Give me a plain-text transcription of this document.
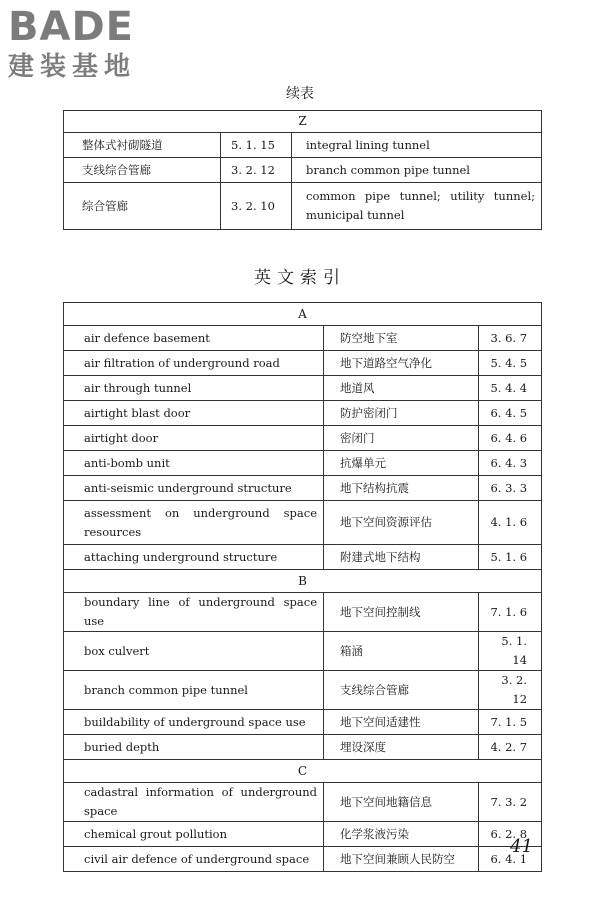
BADE
建装基地
续表
Z		
整体式衬砌隧道	5. 1. 15	integral lining tunnel
支线综合管廊	3. 2. 12	branch common pipe tunnel
综合管廊	3. 2. 10	common pipe tunnel; utility tunnel; municipal tunnel
英文索引
A		
air defence basement	防空地下室	3. 6. 7
air filtration of underground road	地下道路空气净化	5. 4. 5
air through tunnel	地道风	5. 4. 4
airtight blast door	防护密闭门	6. 4. 5
airtight door	密闭门	6. 4. 6
anti-bomb unit	抗爆单元	6. 4. 3
anti-seismic underground structure	地下结构抗震	6. 3. 3
assessment on underground space resources	地下空间资源评估	4. 1. 6
attaching underground structure	附建式地下结构	5. 1. 6
B		
boundary line of underground space use	地下空间控制线	7. 1. 6
box culvert	箱涵	5. 1. 14
branch common pipe tunnel	支线综合管廊	3. 2. 12
buildability of underground space use	地下空间适建性	7. 1. 5
buried depth	埋设深度	4. 2. 7
C		
cadastral information of underground space	地下空间地籍信息	7. 3. 2
chemical grout pollution	化学浆液污染	6. 2. 8
civil air defence of underground space	地下空间兼顾人民防空	6. 4. 1
41
